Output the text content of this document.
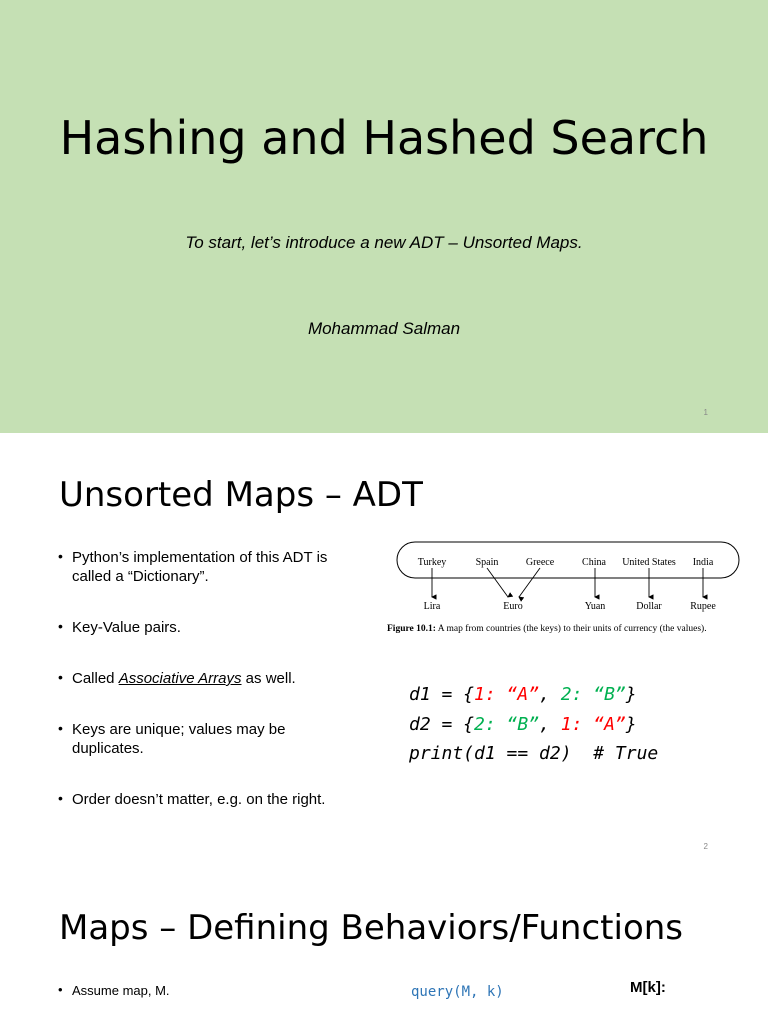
Hashing and Hashed Search
To start, let’s introduce a new ADT – Unsorted Maps.
Mohammad Salman
1
2
Unsorted Maps – ADT
• Python’s implementation of this ADT is called a “Dictionary”.
• Key-Value pairs.
• Called Associative Arrays as well.
• Keys are unique; values may be duplicates.
• Order doesn’t matter, e.g. on the right.
Turkey	Spain	Greece	China United States India
Lira	Euro	Yuan	Dollar	Rupee
Figure 10.1: A map from countries (the keys) to their units of currency (the values).
d1 = {1: “A”, 2: “B”}
d2 = {2: “B”, 1: “A”}
print(d1 == d2)  # True
Maps – Defining Behaviors/Functions
• Assume map, M.	query(M, k)	M[k]:
